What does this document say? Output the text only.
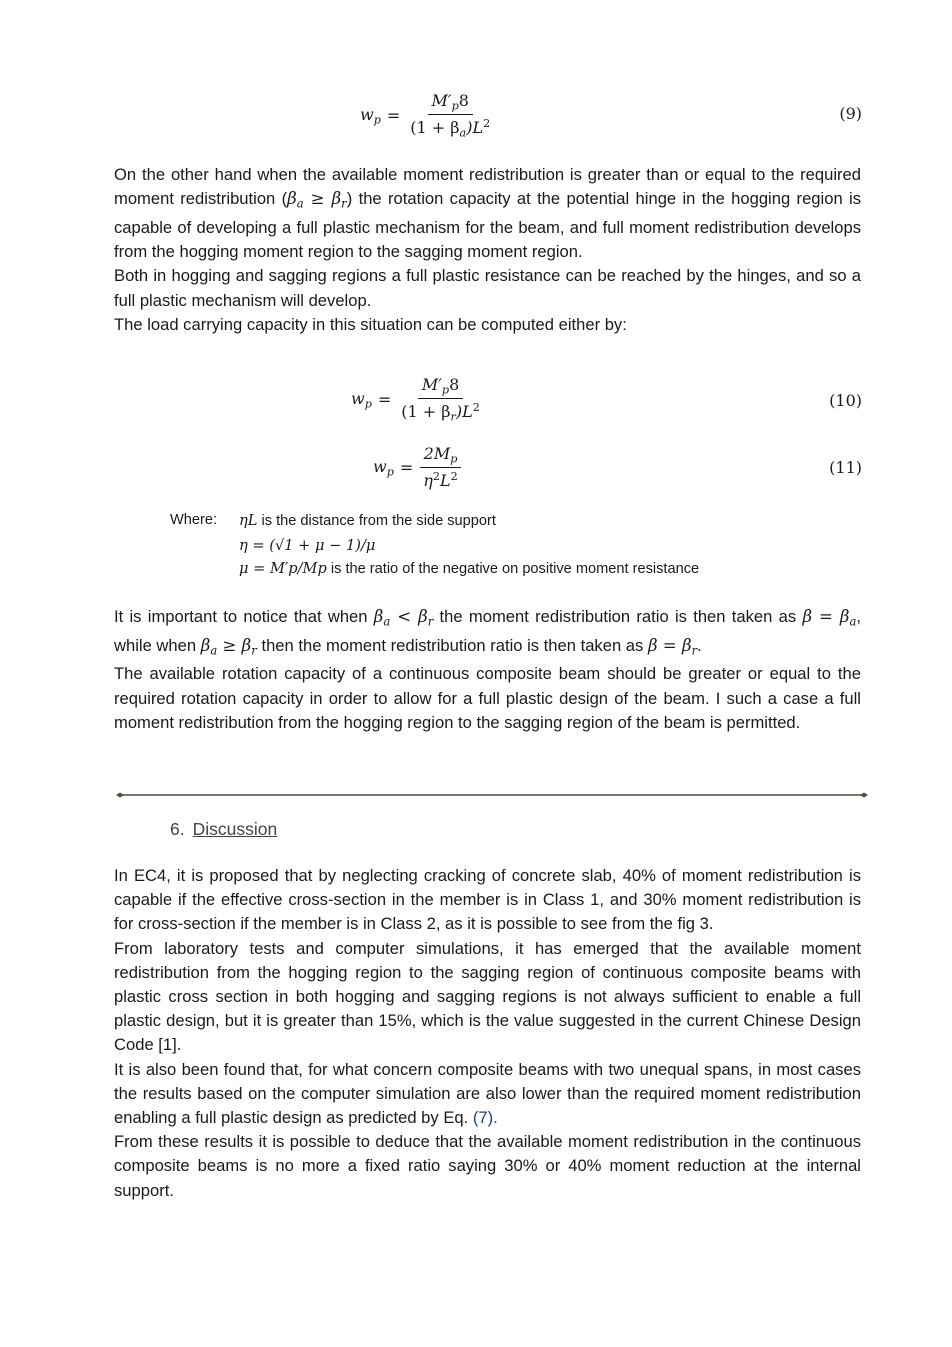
$w_p = \frac{M'_p8}{(1 + \beta_a)L^2}$	(9)

On the other hand when the available moment redistribution is greater than or equal to the required moment redistribution $(\beta_a \ge \beta_r)$ the rotation capacity at the potential hinge in the hogging region is capable of developing a full plastic mechanism for the beam, and full moment redistribution develops from the hogging moment region to the sagging moment region.

Both in hogging and sagging regions a full plastic resistance can be reached by the hinges, and so a full plastic mechanism will develop.

The load carrying capacity in this situation can be computed either by:

$w_p = \frac{M'_p8}{(1 + \beta_r)L^2}$	(10)
$w_p = \frac{2M_p}{\eta^2L^2}$	(11)
Where:	ηL is the distance from the side support
η = (√1 + μ − 1)/μ
μ = M′p/Mp is the ratio of the negative on positive moment resistance

It is important to notice that when $\beta_a < \beta_r$ the moment redistribution ratio is then taken as $\beta = \beta_a$, while when $\beta_a \ge \beta_r$ then the moment redistribution ratio is then taken as $\beta = \beta_r$.

The available rotation capacity of a continuous composite beam should be greater or equal to the required rotation capacity in order to allow for a full plastic design of the beam. I such a case a full moment redistribution from the hogging region to the sagging region of the beam is permitted.

6. Discussion

In EC4, it is proposed that by neglecting cracking of concrete slab, 40% of moment redistribution is capable if the effective cross-section in the member is in Class 1, and 30% moment redistribution is for cross-section if the member is in Class 2, as it is possible to see from the fig 3.

From laboratory tests and computer simulations, it has emerged that the available moment redistribution from the hogging region to the sagging region of continuous composite beams with plastic cross section in both hogging and sagging regions is not always sufficient to enable a full plastic design, but it is greater than 15%, which is the value suggested in the current Chinese Design Code [1].

It is also been found that, for what concern composite beams with two unequal spans, in most cases the results based on the computer simulation are also lower than the required moment redistribution enabling a full plastic design as predicted by Eq. (7).

From these results it is possible to deduce that the available moment redistribution in the continuous composite beams is no more a fixed ratio saying 30% or 40% moment reduction at the internal support.
